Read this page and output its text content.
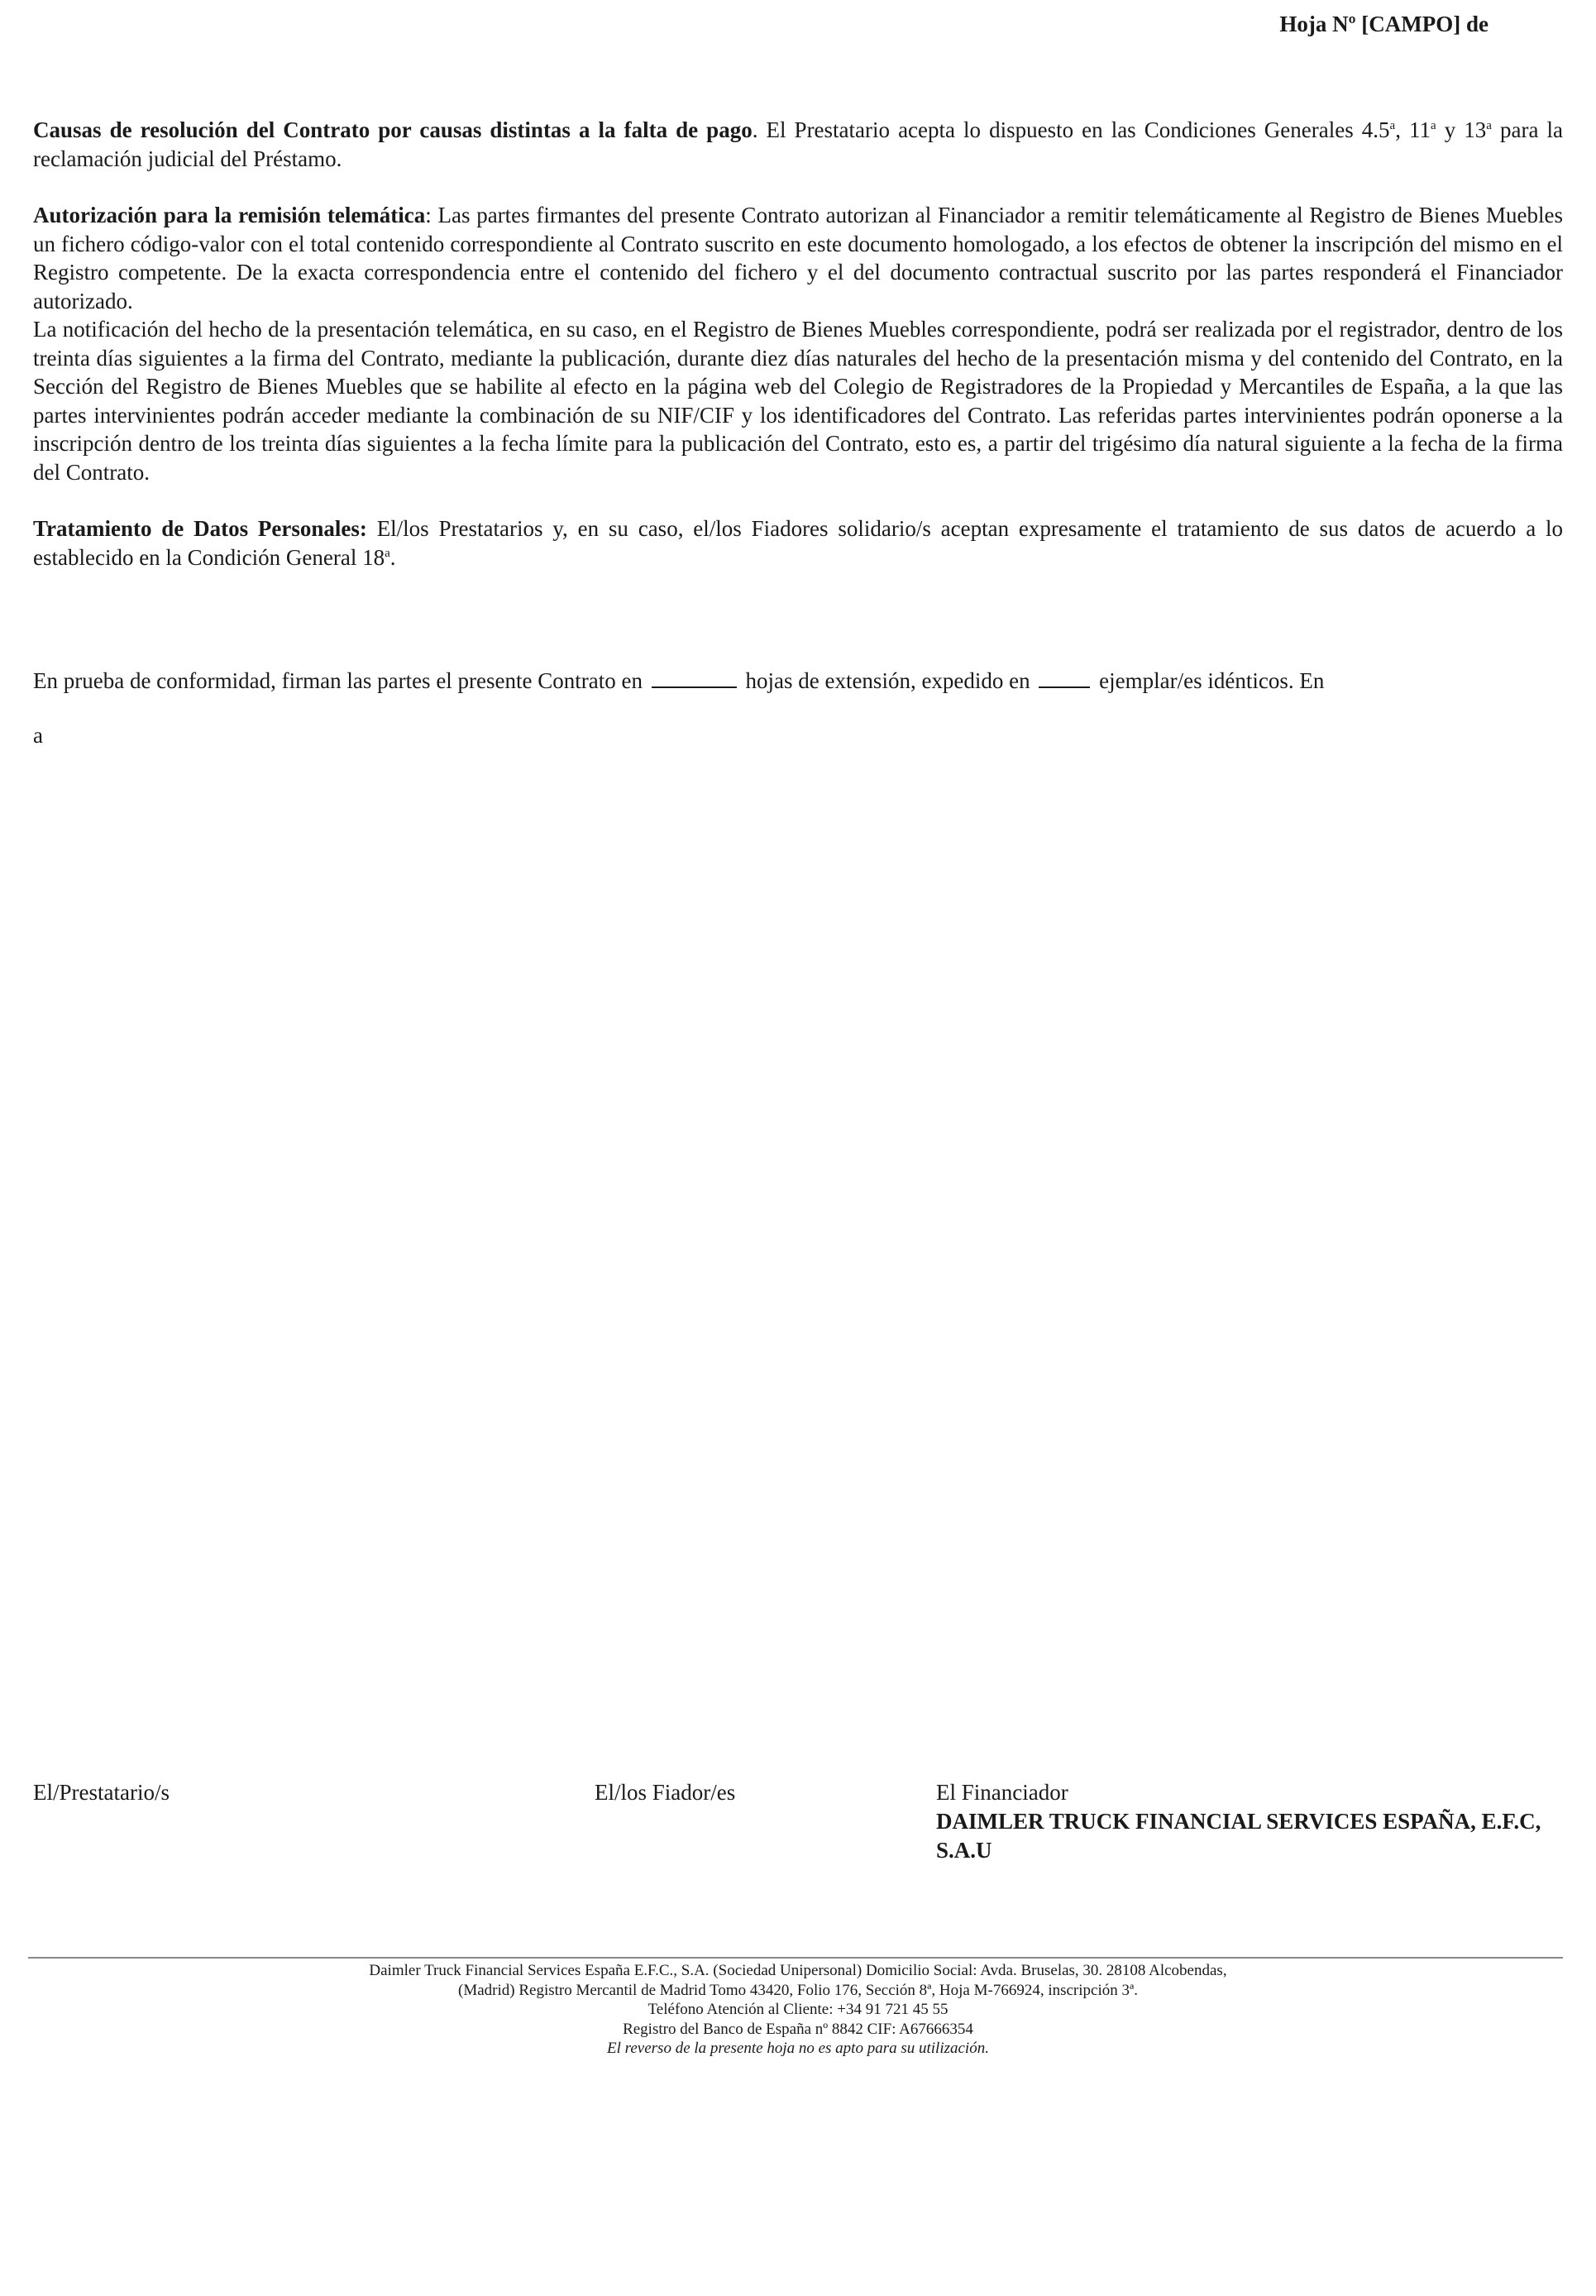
Hoja Nº [CAMPO] de

Causas de resolución del Contrato por causas distintas a la falta de pago. El Prestatario acepta lo dispuesto en las Condiciones Generales 4.5$^a$, 11$^a$ y 13$^a$ para la reclamación judicial del Préstamo.

Autorización para la remisión telemática: Las partes firmantes del presente Contrato autorizan al Financiador a remitir telemáticamente al Registro de Bienes Muebles un fichero código-valor con el total contenido correspondiente al Contrato suscrito en este documento homologado, a los efectos de obtener la inscripción del mismo en el Registro competente. De la exacta correspondencia entre el contenido del fichero y el del documento contractual suscrito por las partes responderá el Financiador autorizado.

La notificación del hecho de la presentación telemática, en su caso, en el Registro de Bienes Muebles correspondiente, podrá ser realizada por el registrador, dentro de los treinta días siguientes a la firma del Contrato, mediante la publicación, durante diez días naturales del hecho de la presentación misma y del contenido del Contrato, en la Sección del Registro de Bienes Muebles que se habilite al efecto en la página web del Colegio de Registradores de la Propiedad y Mercantiles de España, a la que las partes intervinientes podrán acceder mediante la combinación de su NIF/CIF y los identificadores del Contrato. Las referidas partes intervinientes podrán oponerse a la inscripción dentro de los treinta días siguientes a la fecha límite para la publicación del Contrato, esto es, a partir del trigésimo día natural siguiente a la fecha de la firma del Contrato.

Tratamiento de Datos Personales: El/los Prestatarios y, en su caso, el/los Fiadores solidario/s aceptan expresamente el tratamiento de sus datos de acuerdo a lo establecido en la Condición General 18$^a$.

En prueba de conformidad, firman las partes el presente Contrato en	hojas de extensión, expedido en	ejemplar/es idénticos. En
a
El/Prestatario/s	El/los Fiador/es	El Financiador
DAIMLER TRUCK FINANCIAL SERVICES ESPAÑA, E.F.C, S.A.U
Daimler Truck Financial Services España E.F.C., S.A. (Sociedad Unipersonal) Domicilio Social: Avda. Bruselas, 30. 28108 Alcobendas,
(Madrid) Registro Mercantil de Madrid Tomo 43420, Folio 176, Sección 8ª, Hoja M-766924, inscripción 3ª.
Teléfono Atención al Cliente: +34 91 721 45 55
Registro del Banco de España nº 8842 CIF: A67666354
El reverso de la presente hoja no es apto para su utilización.
